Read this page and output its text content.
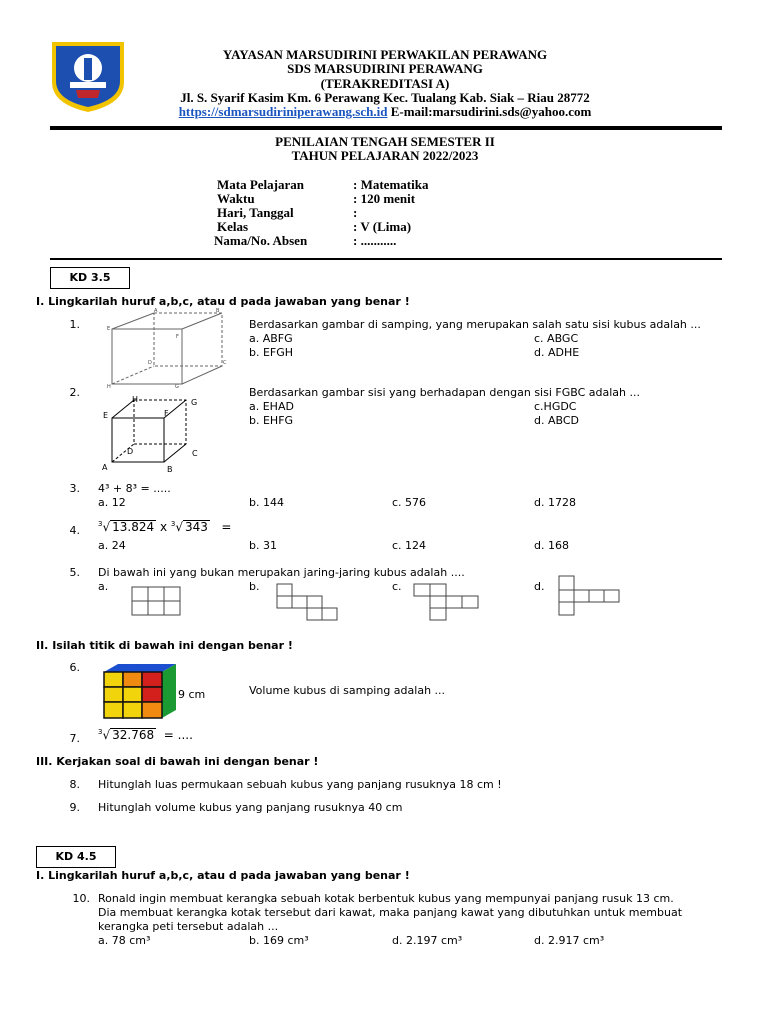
YAYASAN MARSUDIRINI PERWAKILAN PERAWANG
SDS MARSUDIRINI PERAWANG
(TERAKREDITASI A)
Jl. S. Syarif Kasim Km. 6 Perawang Kec. Tualang Kab. Siak – Riau 28772
https://sdmarsudiriniperawang.sch.id E-mail:marsudirini.sds@yahoo.com
PENILAIAN TENGAH SEMESTER II
TAHUN PELAJARAN 2022/2023
Mata Pelajaran	: Matematika
Waktu	: 120 menit
Hari, Tanggal	:
Kelas	: V (Lima)
Nama/No. Absen	: ...........
KD 3.5
I. Lingkarilah huruf a,b,c, atau d pada jawaban yang benar !
1.
A	B
C
D
E
F
G
H
Berdasarkan gambar di samping, yang merupakan salah satu sisi kubus adalah ...
a. ABFG	c. ABGC
b. EFGH	d. ADHE
2.
H	G
E	F
D	C
A	B
Berdasarkan gambar sisi yang berhadapan dengan sisi FGBC adalah ...
a. EHAD	c.HGDC
b. EHFG	d. ABCD
3. 4³ + 8³ = .....
a. 12	b. 144	c. 576	d. 1728
4.	$^3$√ 13.824 x $^3$√ 343 =
a. 24	b. 31	c. 124	d. 168
5. Di bawah ini yang bukan merupakan jaring-jaring kubus adalah ....
a.	b.	c.	d.
II. Isilah titik di bawah ini dengan benar !
6.
9 cm	Volume kubus di samping adalah ...
7.	$^3$√ 32.768 = ....
III. Kerjakan soal di bawah ini dengan benar !
8. Hitunglah luas permukaan sebuah kubus yang panjang rusuknya 18 cm !
9. Hitunglah volume kubus yang panjang rusuknya 40 cm
KD 4.5
I. Lingkarilah huruf a,b,c, atau d pada jawaban yang benar !
10. Ronald ingin membuat kerangka sebuah kotak berbentuk kubus yang mempunyai panjang rusuk 13 cm.
Dia membuat kerangka kotak tersebut dari kawat, maka panjang kawat yang dibutuhkan untuk membuat
kerangka peti tersebut adalah ...
a. 78 cm³	b. 169 cm³	d. 2.197 cm³	d. 2.917 cm³
